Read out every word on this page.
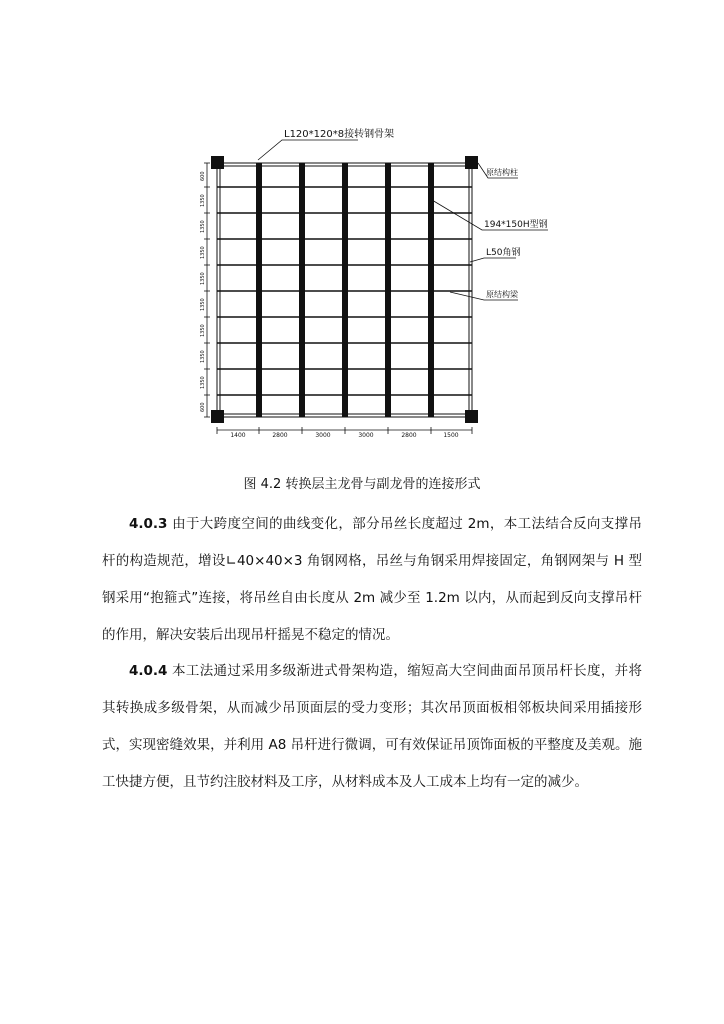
L120*120*8接转钢骨架
原结构柱
194*150H型钢
L50角钢
原结构梁
600
1350
1350
1350
1350
1350
1350
1350
1350
600
1400	2800	3000	3000	2800	1500
图 4.2 转换层主龙骨与副龙骨的连接形式

4.0.3 由于大跨度空间的曲线变化，部分吊丝长度超过 2m，本工法结合反向支撑吊杆的构造规范，增设∟40×40×3 角钢网格，吊丝与角钢采用焊接固定，角钢网架与 H 型钢采用“抱箍式”连接，将吊丝自由长度从 2m 减少至 1.2m 以内，从而起到反向支撑吊杆的作用，解决安装后出现吊杆摇晃不稳定的情况。

4.0.4 本工法通过采用多级渐进式骨架构造，缩短高大空间曲面吊顶吊杆长度，并将其转换成多级骨架，从而减少吊顶面层的受力变形；其次吊顶面板相邻板块间采用插接形式，实现密缝效果，并利用 A8 吊杆进行微调，可有效保证吊顶饰面板的平整度及美观。施工快捷方便，且节约注胶材料及工序，从材料成本及人工成本上均有一定的减少。
